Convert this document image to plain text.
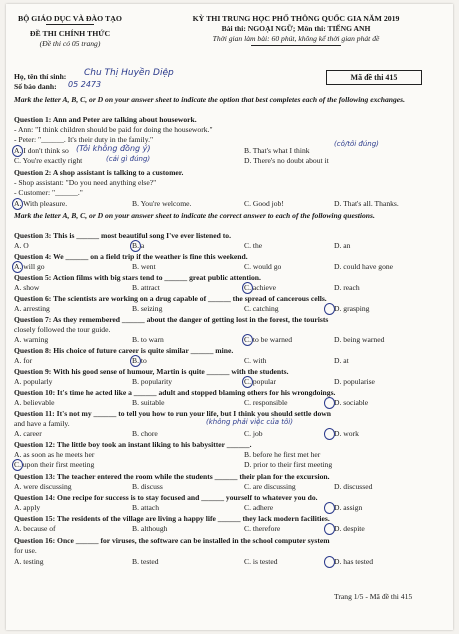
BỘ GIÁO DỤC VÀ ĐÀO TẠO
ĐỀ THI CHÍNH THỨC
(Đề thi có 05 trang)
KỲ THI TRUNG HỌC PHỔ THÔNG QUỐC GIA NĂM 2019
Bài thi: NGOẠI NGỮ; Môn thi: TIẾNG ANH
Thời gian làm bài: 60 phút, không kể thời gian phát đề
Họ, tên thí sinh: Chu Thị Huyền Diệp
Số báo danh: 05 2473
Mã đề thi 415
Mark the letter A, B, C, or D on your answer sheet to indicate the option that best completes each of the following exchanges.
Question 1: Ann and Peter are talking about housework.
- Ann: "I think children should be paid for doing the housework."
- Peter: "______. It's their duty in the family."
A. I don't think so	B. That's what I think
(Tôi không đồng ý)	(cô/tôi đúng)
C. You're exactly right	D. There's no doubt about it
(cái gì đúng)
Question 2: A shop assistant is talking to a customer.
- Shop assistant: "Do you need anything else?"
- Customer: "______."
A. With pleasure.	B. You're welcome.	C. Good job!	D. That's all. Thanks.
Mark the letter A, B, C, or D on your answer sheet to indicate the correct answer to each of the following questions.
Question 3: This is ______ most beautiful song I've ever listened to.
A. O	B. a	C. the	D. an
Question 4: We ______ on a field trip if the weather is fine this weekend.
A. will go	B. went	C. would go	D. could have gone
Question 5: Action films with big stars tend to ______ great public attention.
A. show	B. attract	C. achieve	D. reach
Question 6: The scientists are working on a drug capable of ______ the spread of cancerous cells.
A. arresting	B. seizing	C. catching	D. grasping
Question 7: As they remembered ______ about the danger of getting lost in the forest, the tourists
closely followed the tour guide.
A. warning	B. to warn	C. to be warned	D. being warned
Question 8: His choice of future career is quite similar ______ mine.
A. for	B. to	C. with	D. at
Question 9: With his good sense of humour, Martin is quite ______ with the students.
A. popularly	B. popularity	C. popular	D. popularise
Question 10: It's time he acted like a ______ adult and stopped blaming others for his wrongdoings.
A. believable	B. suitable	C. responsible	D. sociable
Question 11: It's not my ______ to tell you how to run your life, but I think you should settle down
and have a family.	(không phải việc của tôi)
A. career	B. chore	C. job	D. work
Question 12: The little boy took an instant liking to his babysitter ______.
A. as soon as he meets her	B. before he first met her
C. upon their first meeting	D. prior to their first meeting
Question 13: The teacher entered the room while the students ______ their plan for the excursion.
A. were discussing	B. discuss	C. are discussing	D. discussed
Question 14: One recipe for success is to stay focused and ______ yourself to whatever you do.
A. apply	B. attach	C. adhere	D. assign
Question 15: The residents of the village are living a happy life ______ they lack modern facilities.
A. because of	B. although	C. therefore	D. despite
Question 16: Once ______ for viruses, the software can be installed in the school computer system
for use.
A. testing	B. tested	C. is tested	D. has tested
Trang 1/5 - Mã đề thi 415
